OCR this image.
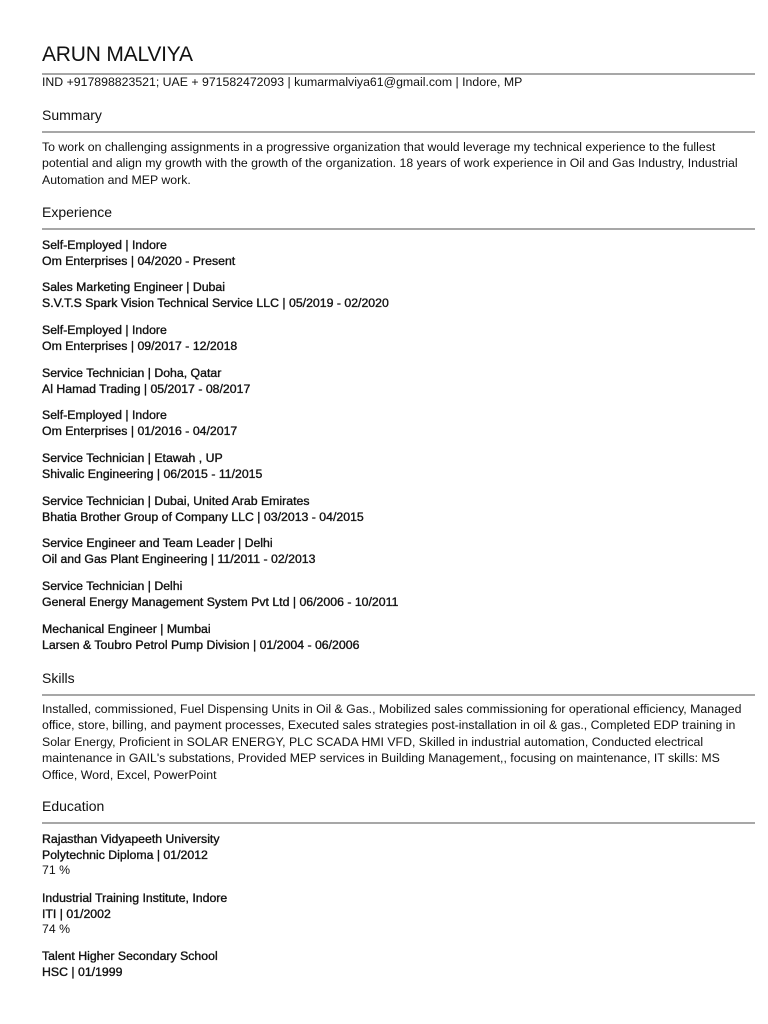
ARUN MALVIYA
IND +917898823521; UAE + 971582472093 | kumarmalviya61@gmail.com | Indore, MP
Summary
To work on challenging assignments in a progressive organization that would leverage my technical experience to the fullest potential and align my growth with the growth of the organization. 18 years of work experience in Oil and Gas Industry, Industrial Automation and MEP work.
Experience
Self-Employed | Indore
Om Enterprises | 04/2020 - Present
Sales Marketing Engineer | Dubai
S.V.T.S Spark Vision Technical Service LLC | 05/2019 - 02/2020
Self-Employed | Indore
Om Enterprises | 09/2017 - 12/2018
Service Technician | Doha, Qatar
Al Hamad Trading | 05/2017 - 08/2017
Self-Employed | Indore
Om Enterprises | 01/2016 - 04/2017
Service Technician | Etawah , UP
Shivalic Engineering | 06/2015 - 11/2015
Service Technician | Dubai, United Arab Emirates
Bhatia Brother Group of Company LLC | 03/2013 - 04/2015
Service Engineer and Team Leader | Delhi
Oil and Gas Plant Engineering | 11/2011 - 02/2013
Service Technician | Delhi
General Energy Management System Pvt Ltd | 06/2006 - 10/2011
Mechanical Engineer | Mumbai
Larsen & Toubro Petrol Pump Division | 01/2004 - 06/2006
Skills
Installed, commissioned, Fuel Dispensing Units in Oil & Gas., Mobilized sales commissioning for operational efficiency, Managed office, store, billing, and payment processes, Executed sales strategies post-installation in oil & gas., Completed EDP training in Solar Energy, Proficient in SOLAR ENERGY, PLC SCADA HMI VFD, Skilled in industrial automation, Conducted electrical maintenance in GAIL's substations, Provided MEP services in Building Management,, focusing on maintenance, IT skills: MS Office, Word, Excel, PowerPoint
Education
Rajasthan Vidyapeeth University
Polytechnic Diploma | 01/2012
71 %
Industrial Training Institute, Indore
ITI | 01/2002
74 %
Talent Higher Secondary School
HSC | 01/1999
